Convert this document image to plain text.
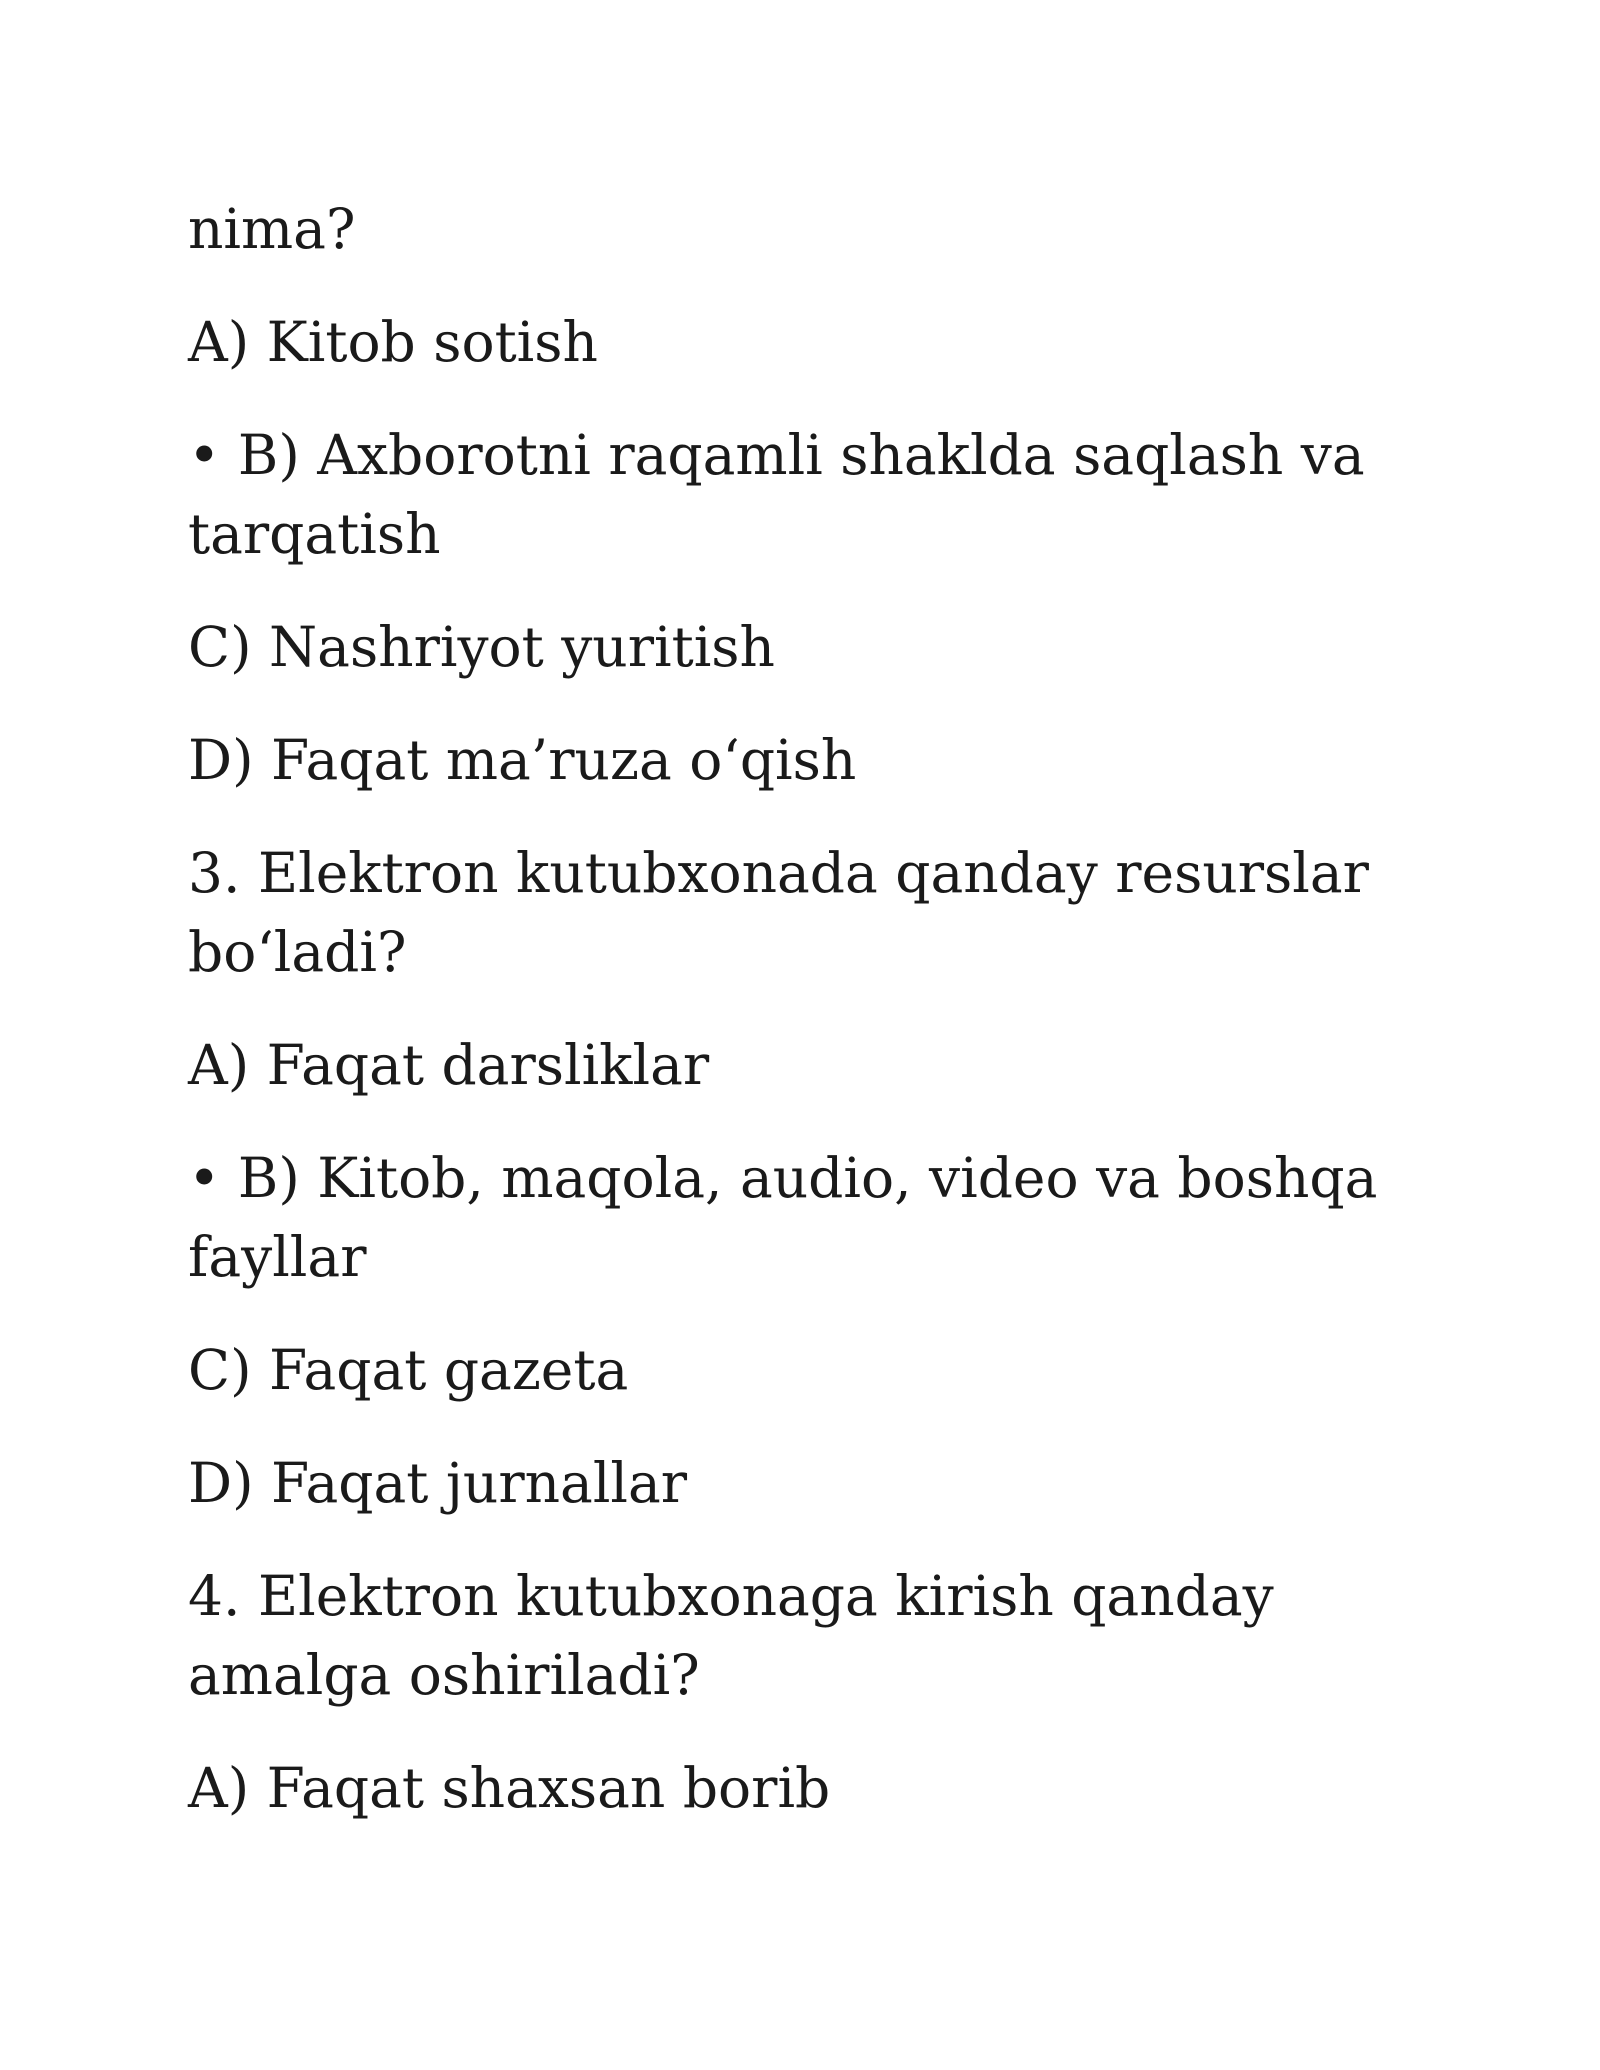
nima?

A) Kitob sotish

• B) Axborotni raqamli shaklda saqlash va tarqatish

C) Nashriyot yuritish

D) Faqat ma’ruza o‘qish

3. Elektron kutubxonada qanday resurslar bo‘ladi?

A) Faqat darsliklar

• B) Kitob, maqola, audio, video va boshqa fayllar

C) Faqat gazeta

D) Faqat jurnallar

4. Elektron kutubxonaga kirish qanday amalga oshiriladi?

A) Faqat shaxsan borib
